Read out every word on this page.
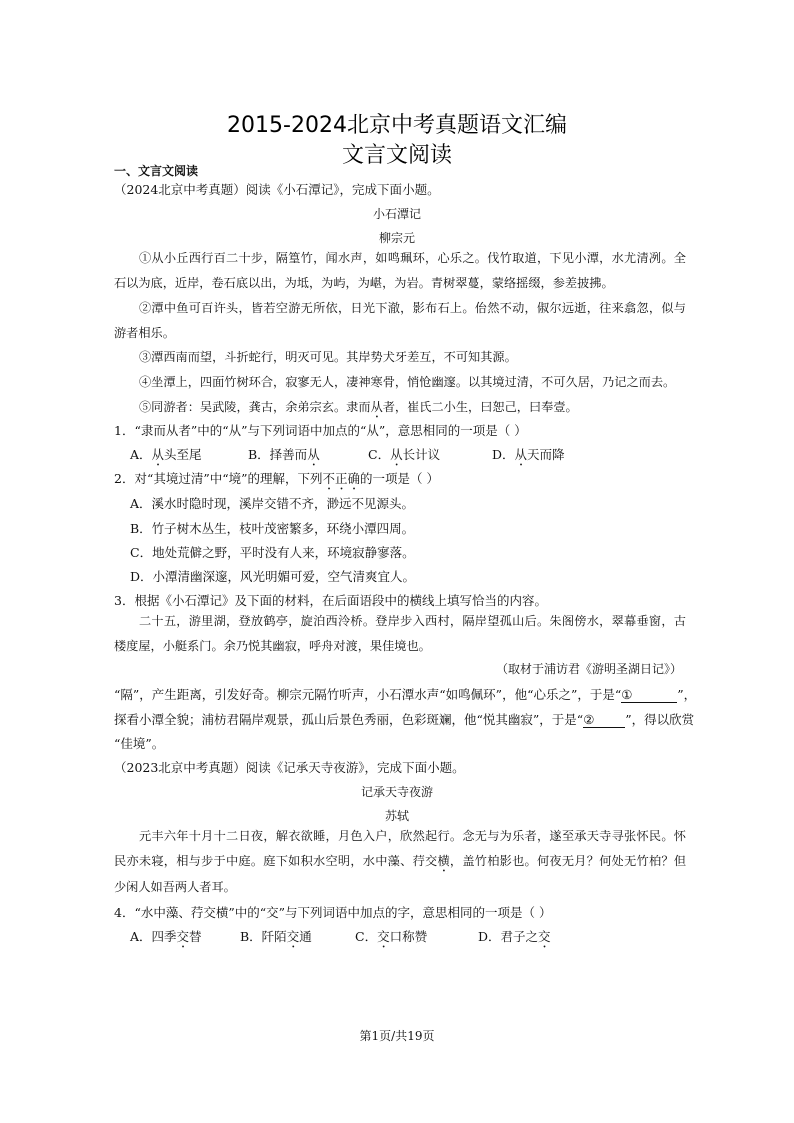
2015-2024北京中考真题语文汇编
文言文阅读
一、文言文阅读
（2024北京中考真题）阅读《小石潭记》，完成下面小题。
小石潭记
柳宗元
①从小丘西行百二十步，隔篁竹，闻水声，如鸣珮环，心乐之。伐竹取道，下见小潭，水尤清冽。全石以为底，近岸，卷石底以出，为坻，为屿，为嵁，为岩。青树翠蔓，蒙络摇缀，参差披拂。
②潭中鱼可百许头，皆若空游无所依，日光下澈，影布石上。佁然不动，俶尔远逝，往来翕忽，似与游者相乐。
③潭西南而望，斗折蛇行，明灭可见。其岸势犬牙差互，不可知其源。
④坐潭上，四面竹树环合，寂寥无人，凄神寒骨，悄怆幽邃。以其境过清，不可久居，乃记之而去。
⑤同游者：吴武陵，龚古，余弟宗玄。隶而从者，崔氏二小生，曰恕己，曰奉壹。
1．“隶而从者”中的“从”与下列词语中加点的“从”，意思相同的一项是（ ）
A．从头至尾	B．择善而从	C．从长计议	D．从天而降
2．对“其境过清”中“境”的理解，下列不正确的一项是（ ）
A．溪水时隐时现，溪岸交错不齐，渺远不见源头。
B．竹子树木丛生，枝叶茂密繁多，环绕小潭四周。
C．地处荒僻之野，平时没有人来，环境寂静寥落。
D．小潭清幽深邃，风光明媚可爱，空气清爽宜人。
3．根据《小石潭记》及下面的材料，在后面语段中的横线上填写恰当的内容。
二十五，游里湖，登放鹤亭，旋泊西泠桥。登岸步入西村，隔岸望孤山后。朱阁傍水，翠幕垂窗，古楼度屋，小艇系门。余乃悦其幽寂，呼舟对渡，果佳境也。
（取材于浦访君《游明圣湖日记》）
“隔”，产生距离，引发好奇。柳宗元隔竹听声，小石潭水声“如鸣佩环”，他“心乐之”，于是“①	”，
探看小潭全貌；浦枋君隔岸观景，孤山后景色秀丽，色彩斑斓，他“悦其幽寂”，于是“② ”，得以欣赏
“佳境”。
（2023北京中考真题）阅读《记承天寺夜游》，完成下面小题。
记承天寺夜游
苏轼
元丰六年十月十二日夜，解衣欲睡，月色入户，欣然起行。念无与为乐者，遂至承天寺寻张怀民。怀民亦未寝，相与步于中庭。庭下如积水空明，水中藻、荇交横，盖竹柏影也。何夜无月？何处无竹柏？但少闲人如吾两人者耳。
4．“水中藻、荇交横”中的“交”与下列词语中加点的字，意思相同的一项是（ ）
A．四季交替	B．阡陌交通	C．交口称赞	D．君子之交
第1页/共19页
